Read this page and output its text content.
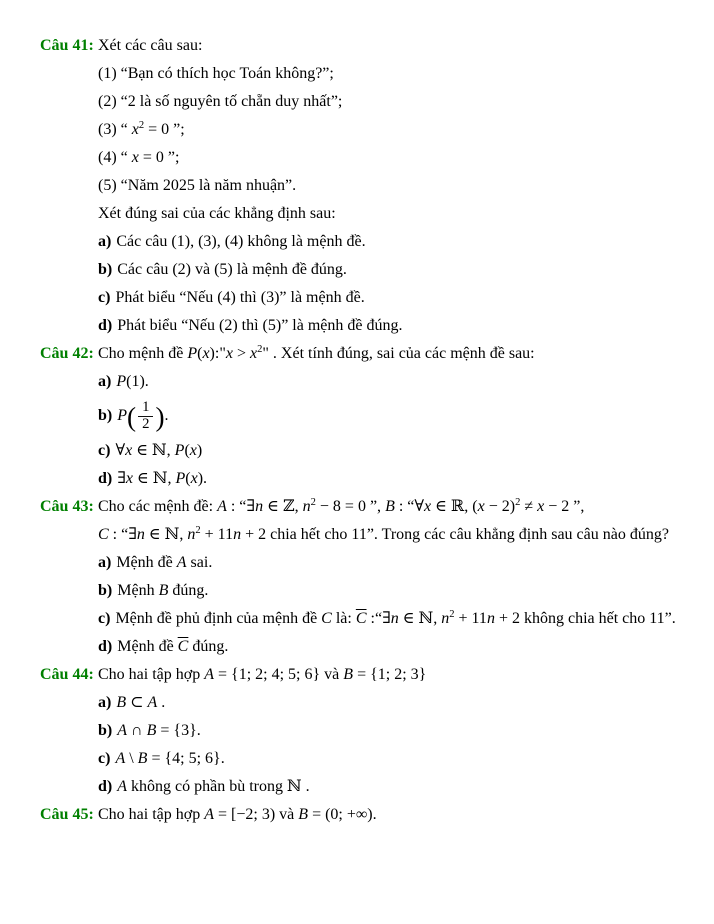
Câu 41: Xét các câu sau:
(1) “Bạn có thích học Toán không?”;
(2) “2 là số nguyên tố chẵn duy nhất”;
(3) “ $x^2 = 0$ ”;
(4) “ x = 0 ”;
(5) “Năm 2025 là năm nhuận”.
Xét đúng sai của các khẳng định sau:
a) Các câu (1), (3), (4) không là mệnh đề.
b) Các câu (2) và (5) là mệnh đề đúng.
c) Phát biểu “Nếu (4) thì (3)” là mệnh đề.
d) Phát biểu “Nếu (2) thì (5)” là mệnh đề đúng.
Câu 42: Cho mệnh đề P(x):"x > $x^2$" . Xét tính đúng, sai của các mệnh đề sau:
a) P(1).
b) $P( \frac{1}{2}$ ).
c) ∀x ∈ ℕ, P(x)
d) ∃x ∈ ℕ, P(x).
Câu 43: Cho các mệnh đề: A : “∃n ∈ ℤ, $n^2 - 8 = 0$ ”, B : “∀x ∈ ℝ, $(x - 2)^2 \ne x - 2$ ”,
C : “∃n ∈ ℕ, $n^2 + 11n + 2$ chia hết cho 11”. Trong các câu khẳng định sau câu nào đúng?
a) Mệnh đề A sai.
b) Mệnh B đúng.
c) Mệnh đề phủ định của mệnh đề C là: $\overline{C}$ :“∃n ∈ ℕ, $n^2 + 11n + 2$ không chia hết cho 11”.
d) Mệnh đề $\overline{C}$ đúng.
Câu 44: Cho hai tập hợp A = {1; 2; 4; 5; 6} và B = {1; 2; 3}
a) B ⊂ A .
b) A ∩ B = {3}.
c) A \ B = {4; 5; 6}.
d) A không có phần bù trong ℕ .
Câu 45: Cho hai tập hợp A = [−2; 3) và B = (0; +∞).
